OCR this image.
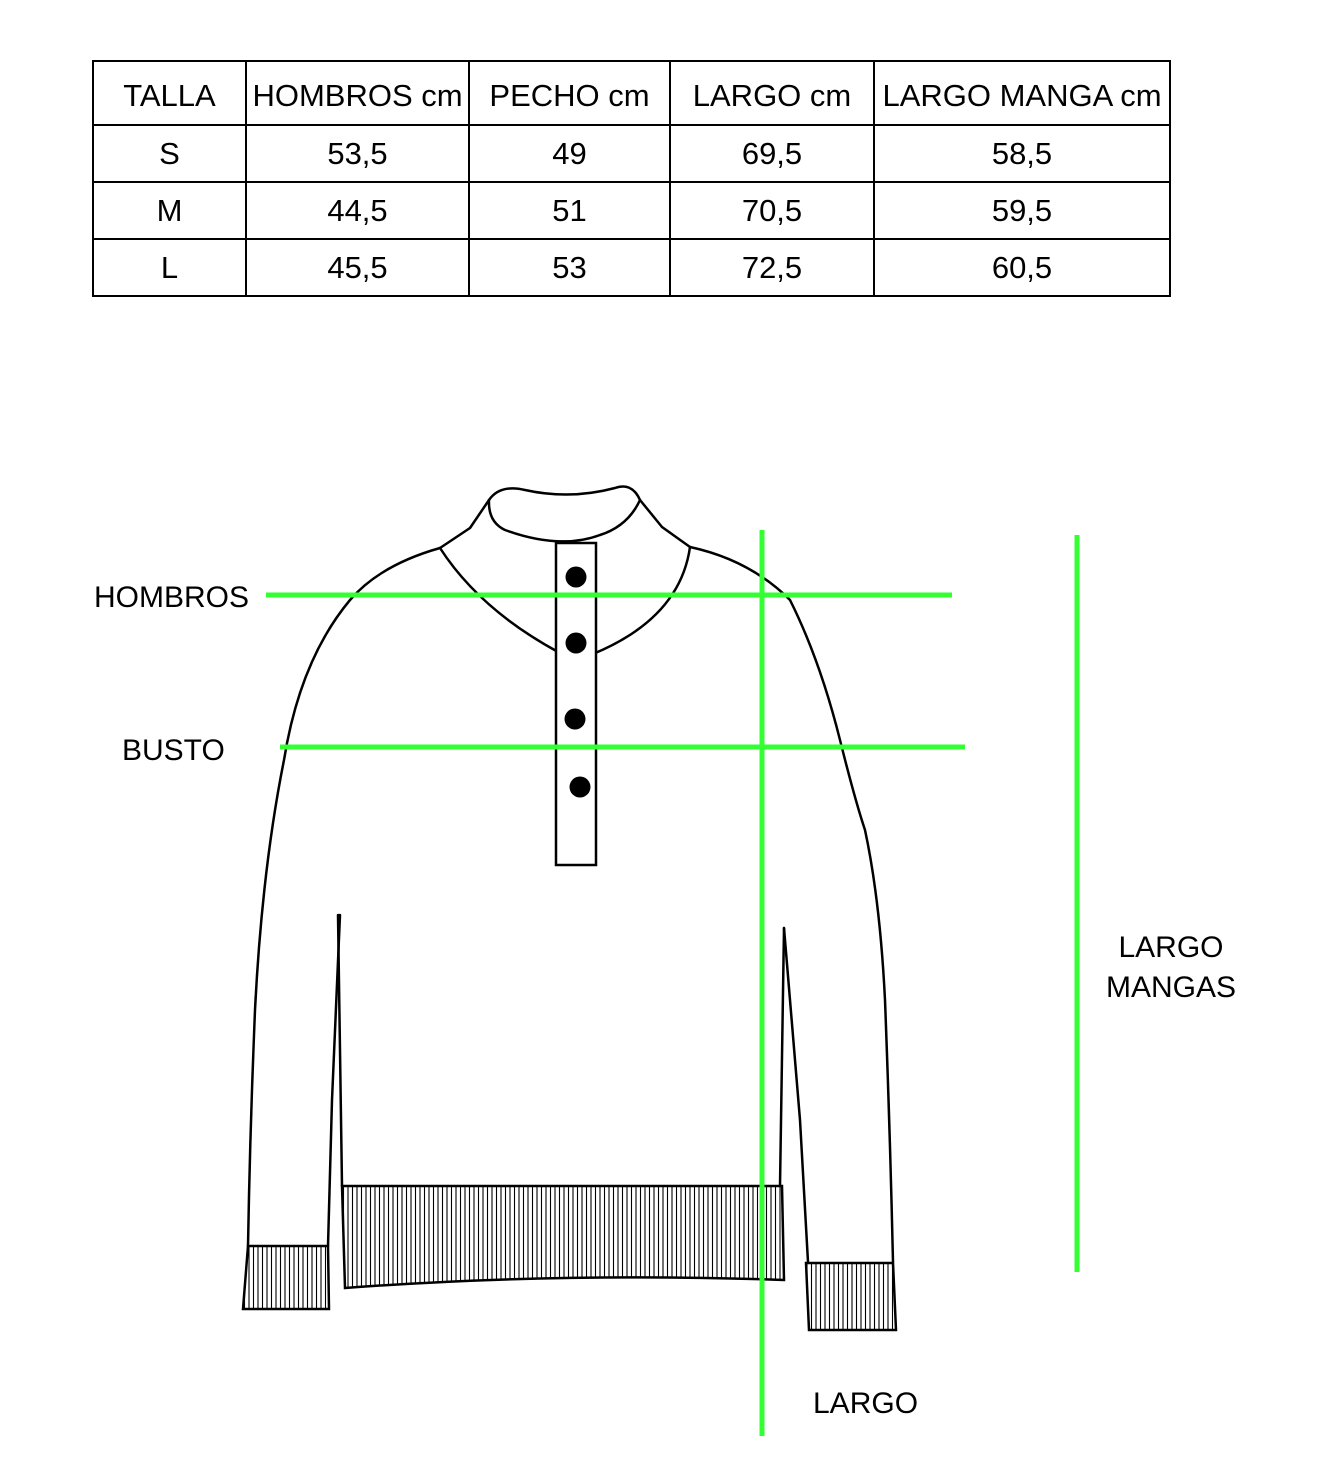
TALLA	HOMBROS cm	PECHO cm	LARGO cm	LARGO MANGA cm
S	53,5	49	69,5	58,5
M	44,5	51	70,5	59,5
L	45,5	53	72,5	60,5
HOMBROS
BUSTO
LARGO
LARGO
MANGAS
